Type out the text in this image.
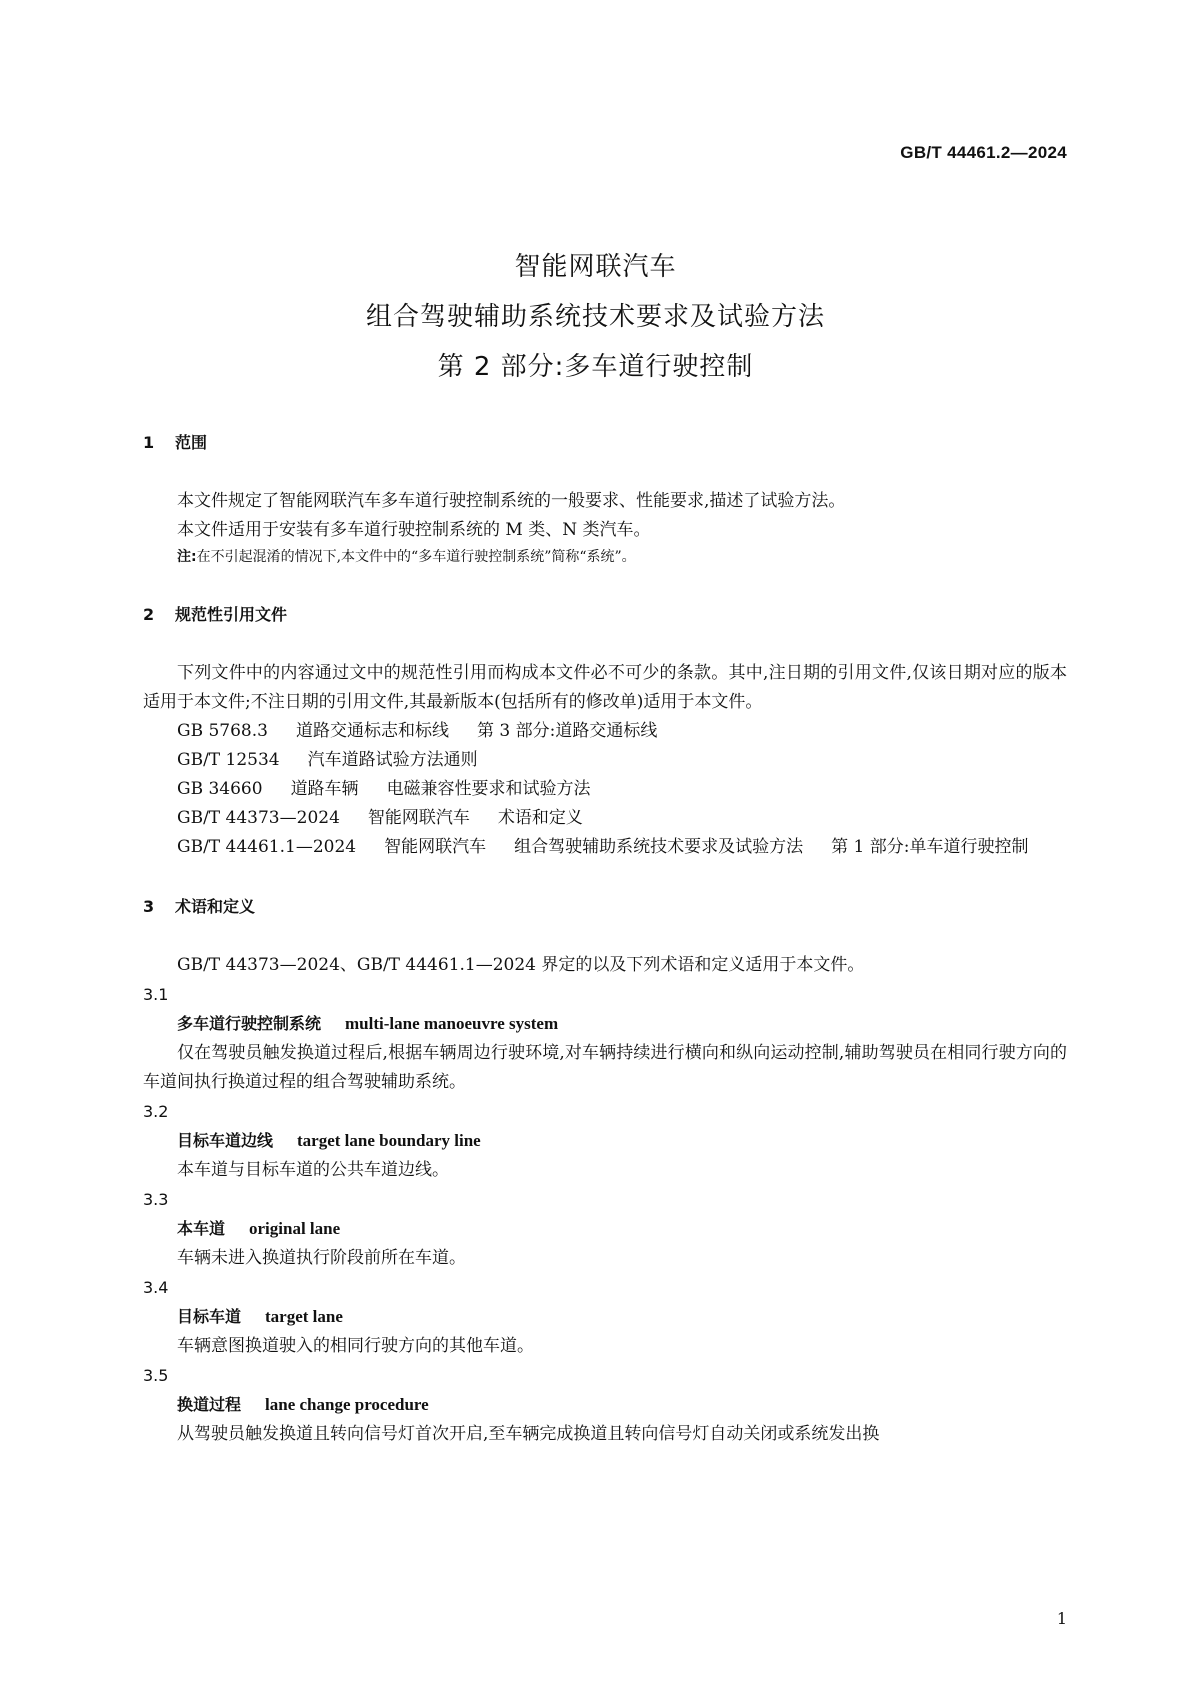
GB/T 44461.2—2024
智能网联汽车
组合驾驶辅助系统技术要求及试验方法
第 2 部分:多车道行驶控制
1 范围
本文件规定了智能网联汽车多车道行驶控制系统的一般要求、性能要求,描述了试验方法。
本文件适用于安装有多车道行驶控制系统的 M 类、N 类汽车。
注:在不引起混淆的情况下,本文件中的“多车道行驶控制系统”简称“系统”。
2 规范性引用文件
下列文件中的内容通过文中的规范性引用而构成本文件必不可少的条款。其中,注日期的引用文件,仅该日期对应的版本适用于本文件;不注日期的引用文件,其最新版本(包括所有的修改单)适用于本文件。
GB 5768.3 道路交通标志和标线 第 3 部分:道路交通标线
GB/T 12534 汽车道路试验方法通则
GB 34660 道路车辆 电磁兼容性要求和试验方法
GB/T 44373—2024 智能网联汽车 术语和定义
GB/T 44461.1—2024 智能网联汽车 组合驾驶辅助系统技术要求及试验方法 第 1 部分:单车道行驶控制
3 术语和定义
GB/T 44373—2024、GB/T 44461.1—2024 界定的以及下列术语和定义适用于本文件。
3.1
多车道行驶控制系统 multi-lane manoeuvre system
仅在驾驶员触发换道过程后,根据车辆周边行驶环境,对车辆持续进行横向和纵向运动控制,辅助驾驶员在相同行驶方向的车道间执行换道过程的组合驾驶辅助系统。
3.2
目标车道边线 target lane boundary line
本车道与目标车道的公共车道边线。
3.3
本车道 original lane
车辆未进入换道执行阶段前所在车道。
3.4
目标车道 target lane
车辆意图换道驶入的相同行驶方向的其他车道。
3.5
换道过程 lane change procedure
从驾驶员触发换道且转向信号灯首次开启,至车辆完成换道且转向信号灯自动关闭或系统发出换
1
